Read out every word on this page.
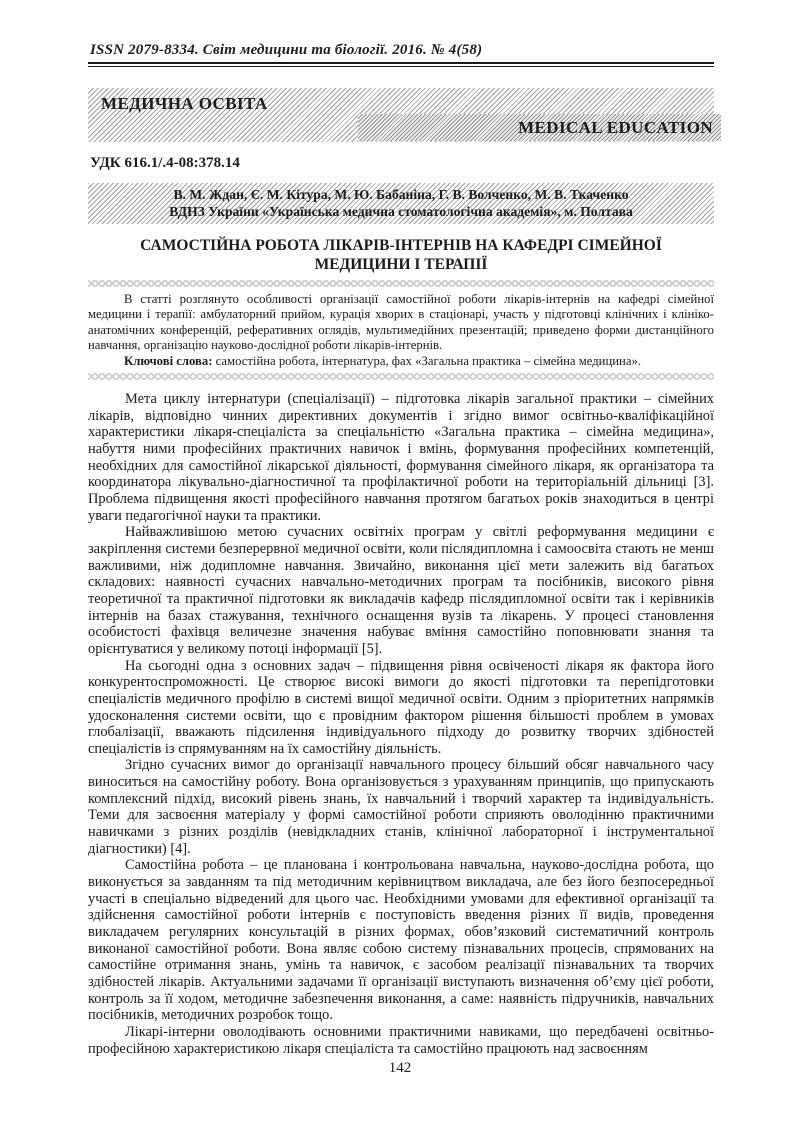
ISSN 2079-8334. Світ медицини та біології. 2016. № 4(58)
МЕДИЧНА ОСВІТА
MEDICAL EDUCATION
УДК 616.1/.4-08:378.14
В. М. Ждан, Є. М. Кітура, М. Ю. Бабаніна, Г. В. Волченко, М. В. Ткаченко
ВДНЗ України «Українська медична стоматологічна академія», м. Полтава
САМОСТІЙНА РОБОТА ЛІКАРІВ-ІНТЕРНІВ НА КАФЕДРІ СІМЕЙНОЇ МЕДИЦИНИ І ТЕРАПІЇ

В статті розглянуто особливості організації самостійної роботи лікарів-інтернів на кафедрі сімейної медицини і терапії: амбулаторний прийом, курація хворих в стаціонарі, участь у підготовці клінічних і клініко-анатомічних конференцій, реферативних оглядів, мультимедійних презентацій; приведено форми дистанційного навчання, організацію науково-дослідної роботи лікарів-інтернів.

Ключові слова: самостійна робота, інтернатура, фах «Загальна практика – сімейна медицина».

Мета циклу інтернатури (спеціалізації) – підготовка лікарів загальної практики – сімейних лікарів, відповідно чинних директивних документів і згідно вимог освітньо-кваліфікаційної характеристики лікаря-спеціаліста за спеціальністю «Загальна практика – сімейна медицина», набуття ними професійних практичних навичок і вмінь, формування професійних компетенцій, необхідних для самостійної лікарської діяльності, формування сімейного лікаря, як організатора та координатора лікувально-діагностичної та профілактичної роботи на територіальній дільниці [3]. Проблема підвищення якості професійного навчання протягом багатьох років знаходиться в центрі уваги педагогічної науки та практики.

Найважливішою метою сучасних освітніх програм у світлі реформування медицини є закріплення системи безперервної медичної освіти, коли післядипломна і самоосвіта стають не менш важливими, ніж додипломне навчання. Звичайно, виконання цієї мети залежить від багатьох складових: наявності сучасних навчально-методичних програм та посібників, високого рівня теоретичної та практичної підготовки як викладачів кафедр післядипломної освіти так і керівників інтернів на базах стажування, технічного оснащення вузів та лікарень. У процесі становлення особистості фахівця величезне значення набуває вміння самостійно поповнювати знання та орієнтуватися у великому потоці інформації [5].

На сьогодні одна з основних задач – підвищення рівня освіченості лікаря як фактора його конкурентоспроможності. Це створює високі вимоги до якості підготовки та перепідготовки спеціалістів медичного профілю в системі вищої медичної освіти. Одним з пріоритетних напрямків удосконалення системи освіти, що є провідним фактором рішення більшості проблем в умовах глобалізації, вважають підсилення індивідуального підходу до розвитку творчих здібностей спеціалістів із спрямуванням на їх самостійну діяльність.

Згідно сучасних вимог до організації навчального процесу більший обсяг навчального часу виноситься на самостійну роботу. Вона організовується з урахуванням принципів, що припускають комплексний підхід, високий рівень знань, їх навчальний і творчий характер та індивідуальність. Теми для засвоєння матеріалу у формі самостійної роботи сприяють оволодінню практичними навичками з різних розділів (невідкладних станів, клінічної лабораторної і інструментальної діагностики) [4].

Самостійна робота – це планована і контрольована навчальна, науково-дослідна робота, що виконується за завданням та під методичним керівництвом викладача, але без його безпосередньої участі в спеціально відведений для цього час. Необхідними умовами для ефективної організації та здійснення самостійної роботи інтернів є поступовість введення різних її видів, проведення викладачем регулярних консультацій в різних формах, обов’язковий систематичний контроль виконаної самостійної роботи. Вона являє собою систему пізнавальних процесів, спрямованих на самостійне отримання знань, умінь та навичок, є засобом реалізації пізнавальних та творчих здібностей лікарів. Актуальними задачами її організації виступають визначення об’єму цієї роботи, контроль за її ходом, методичне забезпечення виконання, а саме: наявність підручників, навчальних посібників, методичних розробок тощо.

Лікарі-інтерни оволодівають основними практичними навиками, що передбачені освітньо-професійною характеристикою лікаря спеціаліста та самостійно працюють над засвоєнням

142
